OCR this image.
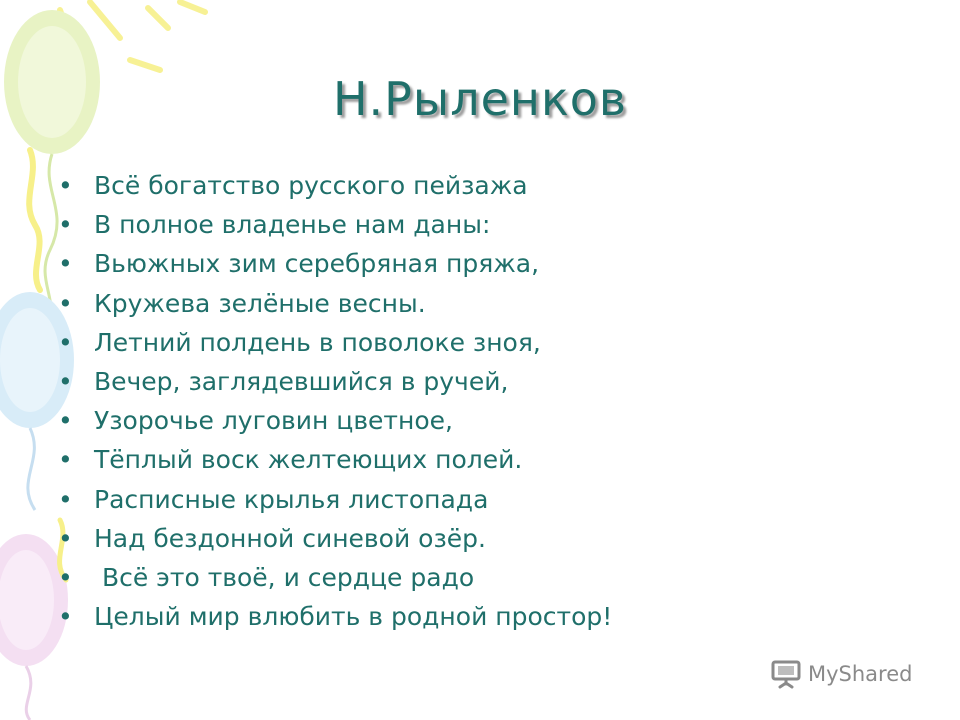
Н.Рыленков
• Всё богатство русского пейзажа
• В полное владенье нам даны:
• Вьюжных зим серебряная пряжа,
• Кружева зелёные весны.
• Летний полдень в поволоке зноя,
• Вечер, заглядевшийся в ручей,
• Узорочье луговин цветное,
• Тёплый воск желтеющих полей.
• Расписные крылья листопада
• Над бездонной синевой озёр.
• Всё это твоё, и сердце радо
• Целый мир влюбить в родной простор!
MyShared
